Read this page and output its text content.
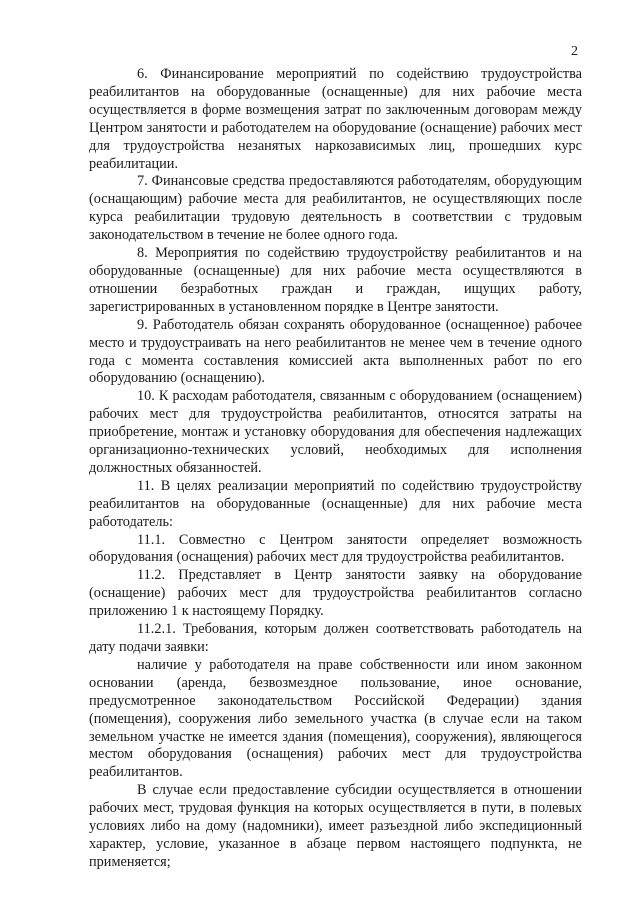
2

6. Финансирование мероприятий по содействию трудоустройства реабилитантов на оборудованные (оснащенные) для них рабочие места осуществляется в форме возмещения затрат по заключенным договорам между Центром занятости и работодателем на оборудование (оснащение) рабочих мест для трудоустройства незанятых наркозависимых лиц, прошедших курс реабилитации.

7. Финансовые средства предоставляются работодателям, оборудующим (оснащающим) рабочие места для реабилитантов, не осуществляющих после курса реабилитации трудовую деятельность в соответствии с трудовым законодательством в течение не более одного года.

8. Мероприятия по содействию трудоустройству реабилитантов и на оборудованные (оснащенные) для них рабочие места осуществляются в отношении безработных граждан и граждан, ищущих работу, зарегистрированных в установленном порядке в Центре занятости.

9. Работодатель обязан сохранять оборудованное (оснащенное) рабочее место и трудоустраивать на него реабилитантов не менее чем в течение одного года с момента составления комиссией акта выполненных работ по его оборудованию (оснащению).

10. К расходам работодателя, связанным с оборудованием (оснащением) рабочих мест для трудоустройства реабилитантов, относятся затраты на приобретение, монтаж и установку оборудования для обеспечения надлежащих организационно-технических условий, необходимых для исполнения должностных обязанностей.

11. В целях реализации мероприятий по содействию трудоустройству реабилитантов на оборудованные (оснащенные) для них рабочие места работодатель:

11.1. Совместно с Центром занятости определяет возможность оборудования (оснащения) рабочих мест для трудоустройства реабилитантов.

11.2. Представляет в Центр занятости заявку на оборудование (оснащение) рабочих мест для трудоустройства реабилитантов согласно приложению 1 к настоящему Порядку.

11.2.1. Требования, которым должен соответствовать работодатель на дату подачи заявки:

наличие у работодателя на праве собственности или ином законном основании (аренда, безвозмездное пользование, иное основание, предусмотренное законодательством Российской Федерации) здания (помещения), сооружения либо земельного участка (в случае если на таком земельном участке не имеется здания (помещения), сооружения), являющегося местом оборудования (оснащения) рабочих мест для трудоустройства реабилитантов.

В случае если предоставление субсидии осуществляется в отношении рабочих мест, трудовая функция на которых осуществляется в пути, в полевых условиях либо на дому (надомники), имеет разъездной либо экспедиционный характер, условие, указанное в абзаце первом настоящего подпункта, не применяется;
